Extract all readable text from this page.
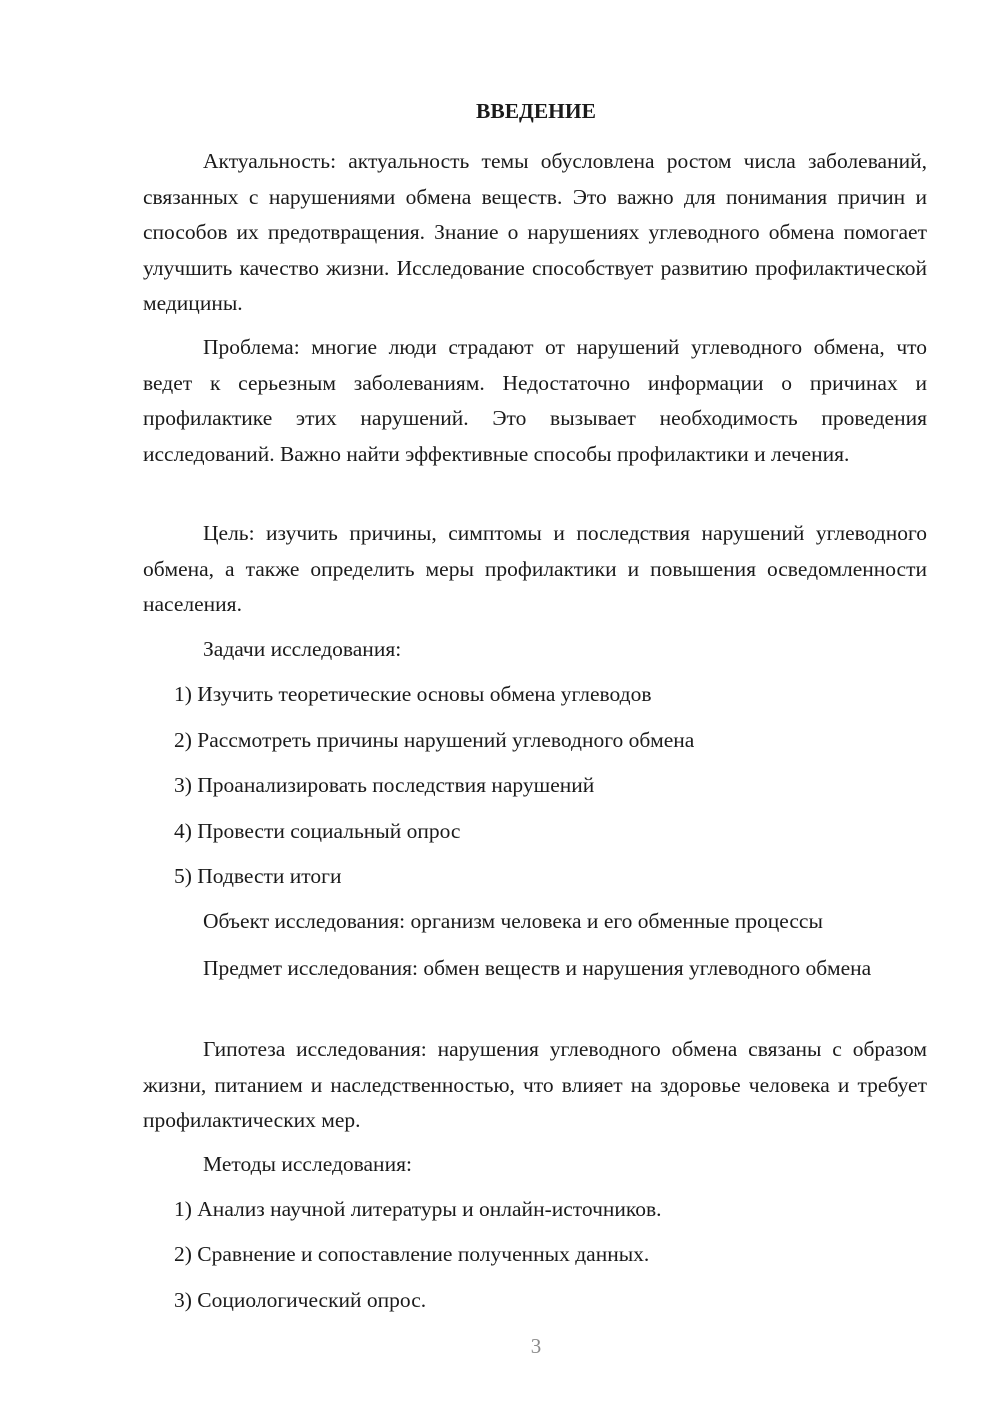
ВВЕДЕНИЕ

Актуальность: актуальность темы обусловлена ростом числа заболеваний, связанных с нарушениями обмена веществ. Это важно для понимания причин и способов их предотвращения. Знание о нарушениях углеводного обмена помогает улучшить качество жизни. Исследование способствует развитию профилактической медицины.

Проблема: многие люди страдают от нарушений углеводного обмена, что ведет к серьезным заболеваниям. Недостаточно информации о причинах и профилактике этих нарушений. Это вызывает необходимость проведения исследований. Важно найти эффективные способы профилактики и лечения.

Цель: изучить причины, симптомы и последствия нарушений углеводного обмена, а также определить меры профилактики и повышения осведомленности населения.

Задачи исследования:
1) Изучить теоретические основы обмена углеводов
2) Рассмотреть причины нарушений углеводного обмена
3) Проанализировать последствия нарушений
4) Провести социальный опрос
5) Подвести итоги
Объект исследования: организм человека и его обменные процессы

Предмет исследования: обмен веществ и нарушения углеводного обмена

Гипотеза исследования: нарушения углеводного обмена связаны с образом жизни, питанием и наследственностью, что влияет на здоровье человека и требует профилактических мер.

Методы исследования:
1) Анализ научной литературы и онлайн-источников.
2) Сравнение и сопоставление полученных данных.
3) Социологический опрос.
3
